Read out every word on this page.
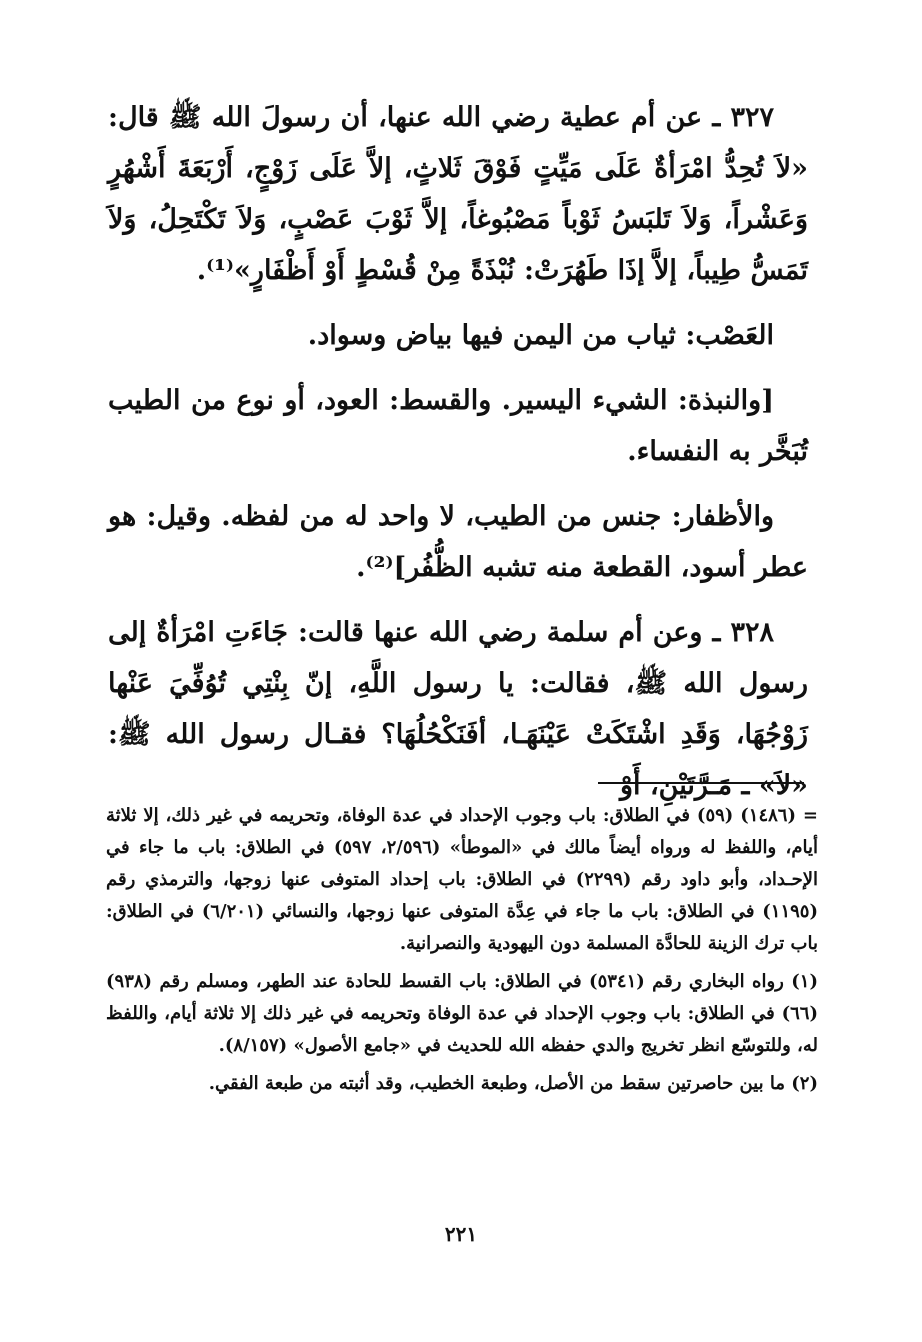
٣٢٧ ـ عن أم عطية رضي الله عنها، أن رسولَ الله ﷺ قال: «لاَ تُحِدُّ امْرَأةٌ عَلَى مَيِّتٍ فَوْقَ ثَلاثٍ، إلاَّ عَلَى زَوْجٍ، أَرْبَعَةَ أَشْهُرٍ وَعَشْراً، وَلاَ تَلبَسُ ثَوْباً مَصْبُوغاً، إلاَّ ثَوْبَ عَصْبٍ، وَلاَ تَكْتَحِلُ، وَلاَ تَمَسُّ طِيباً، إلاَّ إذَا طَهُرَتْ: نُبْذَةً مِنْ قُسْطٍ أَوْ أَظْفَارٍ»⁽¹⁾.

العَصْب: ثياب من اليمن فيها بياض وسواد.

[والنبذة: الشيء اليسير. والقسط: العود، أو نوع من الطيب تُبَخَّر به النفساء.

والأظفار: جنس من الطيب، لا واحد له من لفظه. وقيل: هو عطر أسود، القطعة منه تشبه الظُّفُر]⁽²⁾.

٣٢٨ ـ وعن أم سلمة رضي الله عنها قالت: جَاءَتِ امْرَأةٌ إلى رسول الله ﷺ، فقالت: يا رسول اللَّهِ، إنّ بِنْتِي تُوُفِّيَ عَنْها زَوْجُهَا، وَقَدِ اشْتَكَتْ عَيْنَهَـا، أفَنَكْحُلُهَا؟ فقـال رسول الله ﷺ: «لاَ» ـ مَـرَّتَيْنِ، أَوْ

= (١٤٨٦) (٥٩) في الطلاق: باب وجوب الإحداد في عدة الوفاة، وتحريمه في غير ذلك، إلا ثلاثة أيام، واللفظ له ورواه أيضاً مالك في «الموطأ» (٢/٥٩٦، ٥٩٧) في الطلاق: باب ما جاء في الإحـداد، وأبو داود رقم (٢٢٩٩) في الطلاق: باب إحداد المتوفى عنها زوجها، والترمذي رقم (١١٩٥) في الطلاق: باب ما جاء في عِدَّة المتوفى عنها زوجها، والنسائي (٦/٢٠١) في الطلاق: باب ترك الزينة للحادَّة المسلمة دون اليهودية والنصرانية.

(١) رواه البخاري رقم (٥٣٤١) في الطلاق: باب القسط للحادة عند الطهر، ومسلم رقم (٩٣٨) (٦٦) في الطلاق: باب وجوب الإحداد في عدة الوفاة وتحريمه في غير ذلك إلا ثلاثة أيام، واللفظ له، وللتوسّع انظر تخريج والدي حفظه الله للحديث في «جامع الأصول» (٨/١٥٧).

(٢) ما بين حاصرتين سقط من الأصل، وطبعة الخطيب، وقد أثبته من طبعة الفقي.

٢٢١
